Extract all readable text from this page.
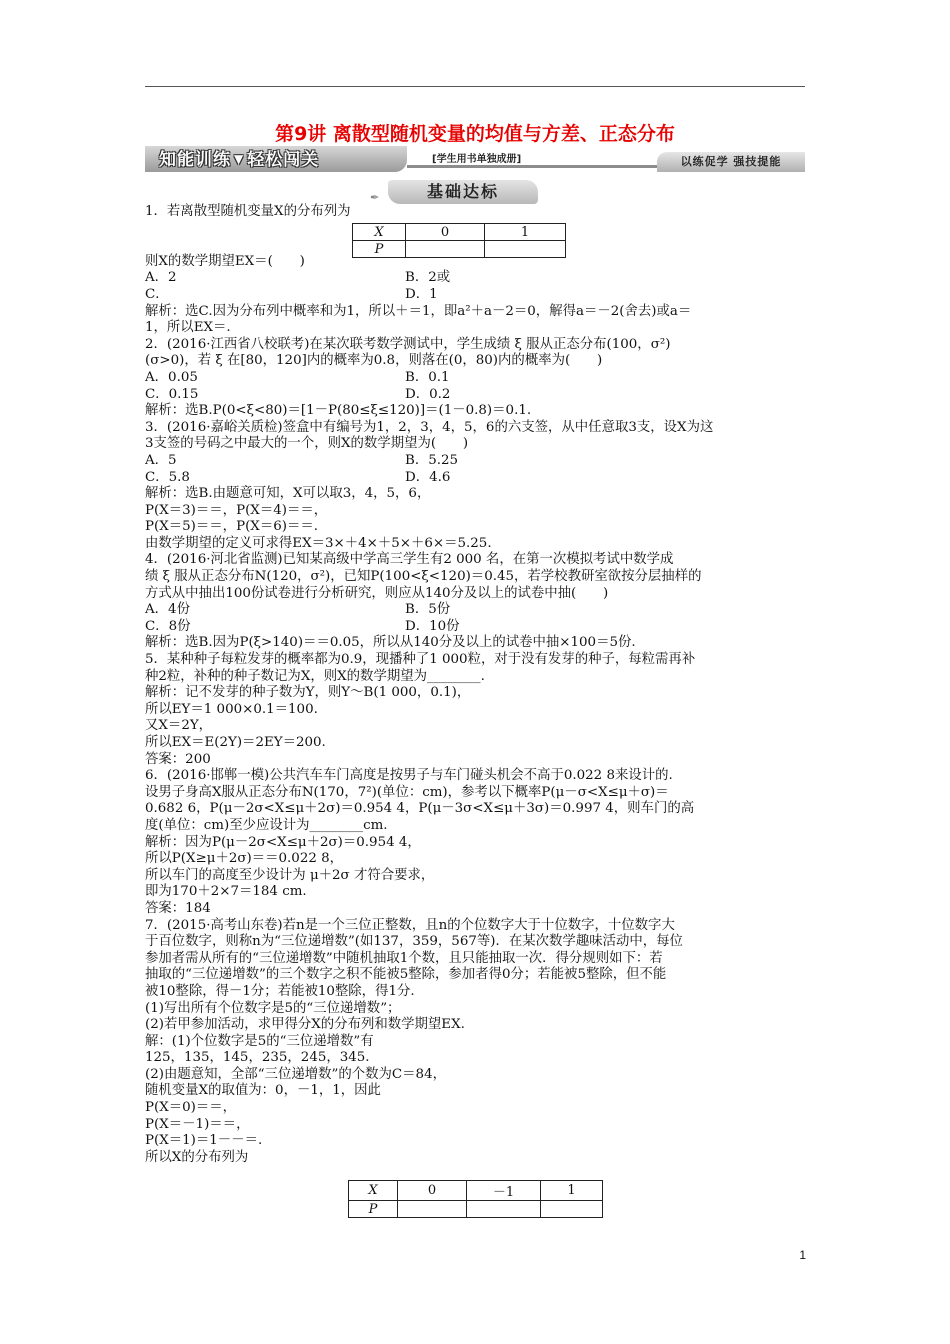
第9讲 离散型随机变量的均值与方差、正态分布
知能训练 ▼ 轻松闯关	[学生用书单独成册]	以练促学 强技提能
✒	基础达标
1．若离散型随机变量X的分布列为
则X的数学期望EX＝(　　)
A．2	B．2或
C．	D．1
解析：选C.因为分布列中概率和为1，所以＋＝1，即a²＋a－2＝0，解得a＝－2(舍去)或a＝
1，所以EX＝.
2．(2016·江西省八校联考)在某次联考数学测试中，学生成绩 ξ 服从正态分布(100，σ²)
(σ>0)，若 ξ 在[80，120]内的概率为0.8，则落在(0，80)内的概率为(　　)
A．0.05	B．0.1
C．0.15	D．0.2
解析：选B.P(0<ξ<80)＝[1－P(80≤ξ≤120)]＝(1－0.8)＝0.1.
3．(2016·嘉峪关质检)签盒中有编号为1，2，3，4，5，6的六支签，从中任意取3支，设X为这
3支签的号码之中最大的一个，则X的数学期望为(　　)
A．5	B．5.25
C．5.8	D．4.6
解析：选B.由题意可知，X可以取3，4，5，6，
P(X＝3)＝＝，P(X＝4)＝＝，
P(X＝5)＝＝，P(X＝6)＝＝.
由数学期望的定义可求得EX＝3×＋4×＋5×＋6×＝5.25.
4．(2016·河北省监测)已知某高级中学高三学生有2 000 名，在第一次模拟考试中数学成
绩 ξ 服从正态分布N(120，σ²)，已知P(100<ξ<120)＝0.45，若学校教研室欲按分层抽样的
方式从中抽出100份试卷进行分析研究，则应从140分及以上的试卷中抽(　　)
A．4份	B．5份
C．8份	D．10份
解析：选B.因为P(ξ>140)＝＝0.05，所以从140分及以上的试卷中抽×100＝5份.
5．某种种子每粒发芽的概率都为0.9，现播种了1 000粒，对于没有发芽的种子，每粒需再补
种2粒，补种的种子数记为X，则X的数学期望为________.
解析：记不发芽的种子数为Y，则Y～B(1 000，0.1)，
所以EY＝1 000×0.1＝100.
又X＝2Y，
所以EX＝E(2Y)＝2EY＝200.
答案：200
6．(2016·邯郸一模)公共汽车车门高度是按男子与车门碰头机会不高于0.022 8来设计的.
设男子身高X服从正态分布N(170，7²)(单位：cm)，参考以下概率P(μ－σ<X≤μ＋σ)＝
0.682 6，P(μ－2σ<X≤μ＋2σ)＝0.954 4，P(μ－3σ<X≤μ＋3σ)＝0.997 4，则车门的高
度(单位：cm)至少应设计为________cm.
解析：因为P(μ－2σ<X≤μ＋2σ)＝0.954 4，
所以P(X≥μ＋2σ)＝＝0.022 8，
所以车门的高度至少设计为 μ＋2σ 才符合要求，
即为170＋2×7＝184 cm.
答案：184
7．(2015·高考山东卷)若n是一个三位正整数，且n的个位数字大于十位数字，十位数字大
于百位数字，则称n为“三位递增数”(如137，359，567等)．在某次数学趣味活动中，每位
参加者需从所有的“三位递增数”中随机抽取1个数，且只能抽取一次．得分规则如下：若
抽取的“三位递增数”的三个数字之积不能被5整除，参加者得0分；若能被5整除，但不能
被10整除，得－1分；若能被10整除，得1分.
(1)写出所有个位数字是5的“三位递增数”；
(2)若甲参加活动，求甲得分X的分布列和数学期望EX.
解：(1)个位数字是5的“三位递增数”有
125，135，145，235，245，345.
(2)由题意知，全部“三位递增数”的个数为C＝84，
随机变量X的取值为：0，－1，1，因此
P(X＝0)＝＝，
P(X＝－1)＝＝，
P(X＝1)＝1－－＝.
所以X的分布列为
X	0	1
P		
X	0	－1	1
P			
1
